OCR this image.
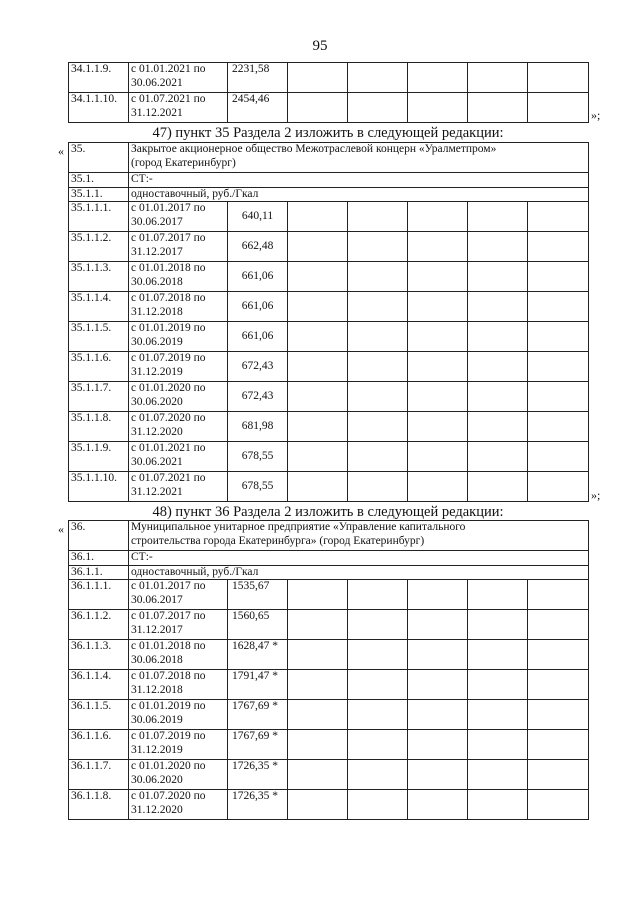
95
34.1.1.9.	с 01.01.2021 по
30.06.2021	2231,58					
34.1.1.10.	с 01.07.2021 по
31.12.2021	2454,46					
»;
47) пункт 35 Раздела 2 изложить в следующей редакции:
« 35.	Закрытое акционерное общество Межотраслевой концерн «Уралметпром»
(город Екатеринбург)						
35.1.	СТ:-						
35.1.1.	одноставочный, руб./Гкал						
35.1.1.1.	с 01.01.2017 по
30.06.2017	640,11					
35.1.1.2.	с 01.07.2017 по
31.12.2017	662,48					
35.1.1.3.	с 01.01.2018 по
30.06.2018	661,06					
35.1.1.4.	с 01.07.2018 по
31.12.2018	661,06					
35.1.1.5.	с 01.01.2019 по
30.06.2019	661,06					
35.1.1.6.	с 01.07.2019 по
31.12.2019	672,43					
35.1.1.7.	с 01.01.2020 по
30.06.2020	672,43					
35.1.1.8.	с 01.07.2020 по
31.12.2020	681,98					
35.1.1.9.	с 01.01.2021 по
30.06.2021	678,55					
35.1.1.10.	с 01.07.2021 по
31.12.2021	678,55					
»;
48) пункт 36 Раздела 2 изложить в следующей редакции:
« 36.	Муниципальное унитарное предприятие «Управление капитального
строительства города Екатеринбурга» (город Екатеринбург)						
36.1.	СТ:-						
36.1.1.	одноставочный, руб./Гкал						
36.1.1.1.	с 01.01.2017 по
30.06.2017	1535,67					
36.1.1.2.	с 01.07.2017 по
31.12.2017	1560,65					
36.1.1.3.	с 01.01.2018 по
30.06.2018	1628,47 *					
36.1.1.4.	с 01.07.2018 по
31.12.2018	1791,47 *					
36.1.1.5.	с 01.01.2019 по
30.06.2019	1767,69 *					
36.1.1.6.	с 01.07.2019 по
31.12.2019	1767,69 *					
36.1.1.7.	с 01.01.2020 по
30.06.2020	1726,35 *					
36.1.1.8.	с 01.07.2020 по
31.12.2020	1726,35 *					
